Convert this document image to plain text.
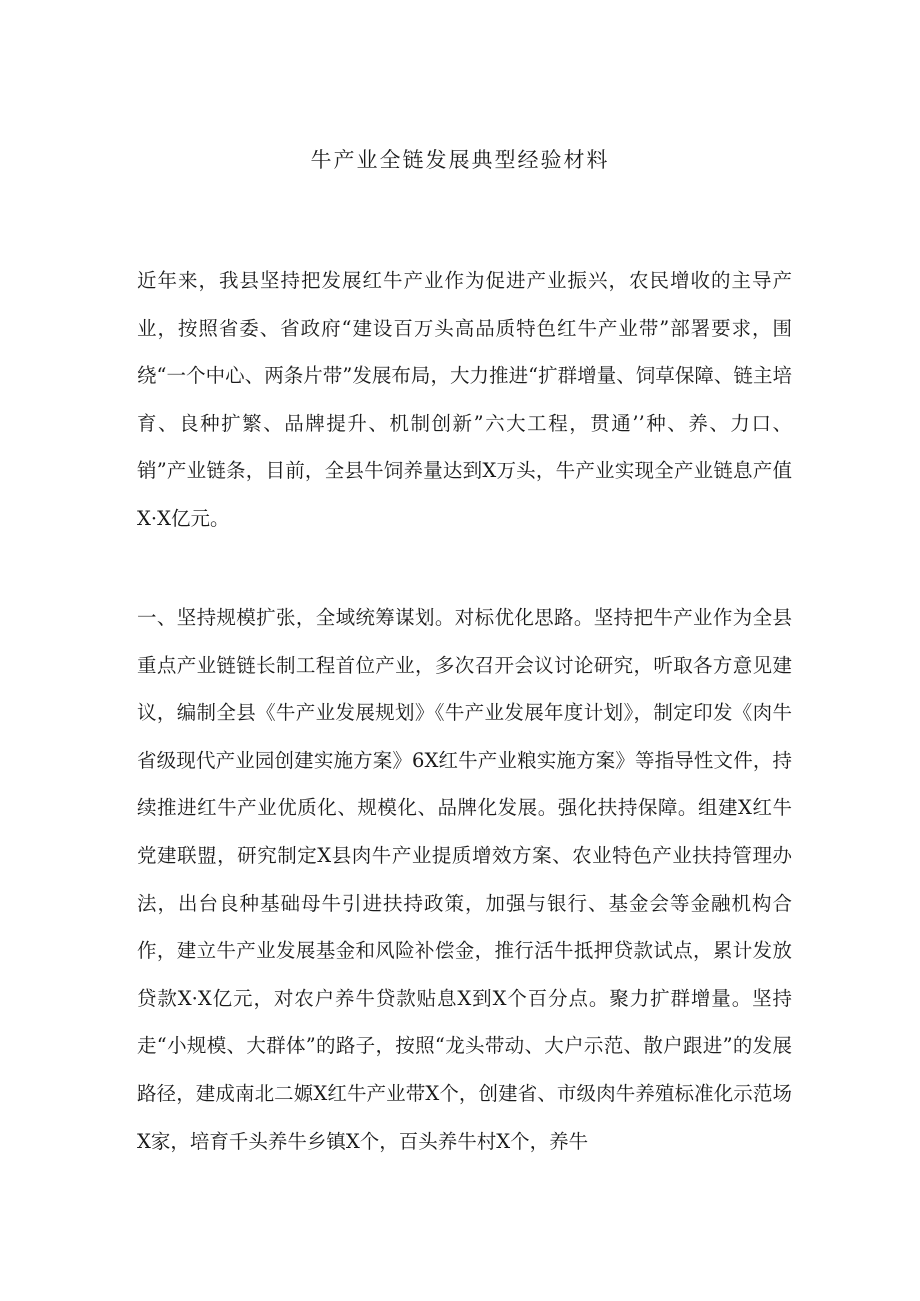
牛产业全链发展典型经验材料

近年来，我县坚持把发展红牛产业作为促进产业振兴，农民增收的主导产业，按照省委、省政府“建设百万头高品质特色红牛产业带”部署要求，围绕“一个中心、两条片带”发展布局，大力推进“扩群增量、饲草保障、链主培育、良种扩繁、品牌提升、机制创新”六大工程，贯通’’种、养、力口、销”产业链条，目前，全县牛饲养量达到X万头，牛产业实现全产业链息产值X·X亿元。

一、坚持规模扩张，全域统筹谋划。对标优化思路。坚持把牛产业作为全县重点产业链链长制工程首位产业，多次召开会议讨论研究，听取各方意见建议，编制全县《牛产业发展规划》《牛产业发展年度计划》，制定印发《肉牛省级现代产业园创建实施方案》6X红牛产业粮实施方案》等指导性文件，持续推进红牛产业优质化、规模化、品牌化发展。强化扶持保障。组建X红牛党建联盟，研究制定X县肉牛产业提质增效方案、农业特色产业扶持管理办法，出台良种基础母牛引进扶持政策，加强与银行、基金会等金融机构合作，建立牛产业发展基金和风险补偿金，推行活牛抵押贷款试点，累计发放贷款X·X亿元，对农户养牛贷款贴息X到X个百分点。聚力扩群增量。坚持走“小规模、大群体”的路子，按照“龙头带动、大户示范、散户跟进”的发展路径，建成南北二嫄X红牛产业带X个，创建省、市级肉牛养殖标准化示范场X家，培育千头养牛乡镇X个，百头养牛村X个，养牛
